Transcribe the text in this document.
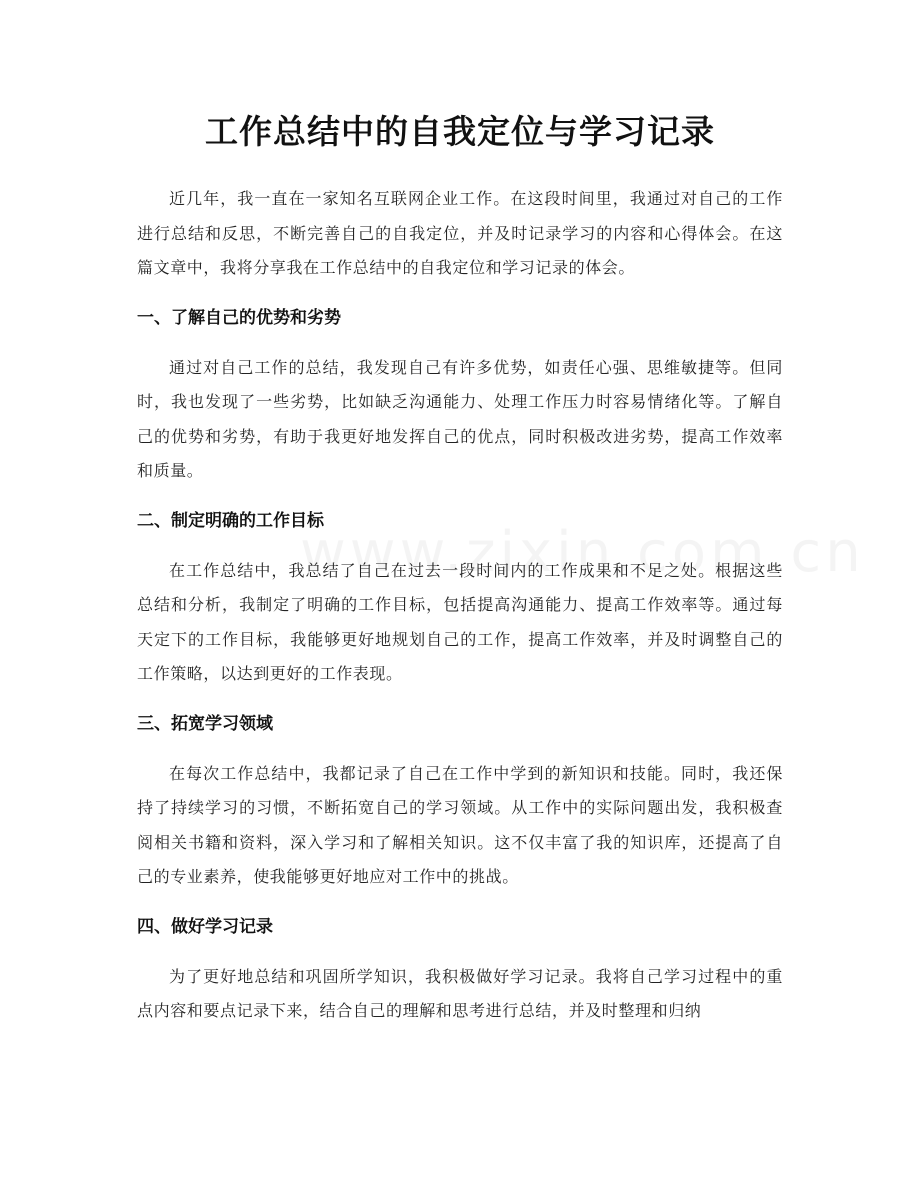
工作总结中的自我定位与学习记录

近几年，我一直在一家知名互联网企业工作。在这段时间里，我通过对自己的工作进行总结和反思，不断完善自己的自我定位，并及时记录学习的内容和心得体会。在这篇文章中，我将分享我在工作总结中的自我定位和学习记录的体会。

一、了解自己的优势和劣势

通过对自己工作的总结，我发现自己有许多优势，如责任心强、思维敏捷等。但同时，我也发现了一些劣势，比如缺乏沟通能力、处理工作压力时容易情绪化等。了解自己的优势和劣势，有助于我更好地发挥自己的优点，同时积极改进劣势，提高工作效率和质量。

二、制定明确的工作目标

在工作总结中，我总结了自己在过去一段时间内的工作成果和不足之处。根据这些总结和分析，我制定了明确的工作目标，包括提高沟通能力、提高工作效率等。通过每天定下的工作目标，我能够更好地规划自己的工作，提高工作效率，并及时调整自己的工作策略，以达到更好的工作表现。

三、拓宽学习领域

在每次工作总结中，我都记录了自己在工作中学到的新知识和技能。同时，我还保持了持续学习的习惯，不断拓宽自己的学习领域。从工作中的实际问题出发，我积极查阅相关书籍和资料，深入学习和了解相关知识。这不仅丰富了我的知识库，还提高了自己的专业素养，使我能够更好地应对工作中的挑战。

四、做好学习记录

为了更好地总结和巩固所学知识，我积极做好学习记录。我将自己学习过程中的重点内容和要点记录下来，结合自己的理解和思考进行总结，并及时整理和归纳
